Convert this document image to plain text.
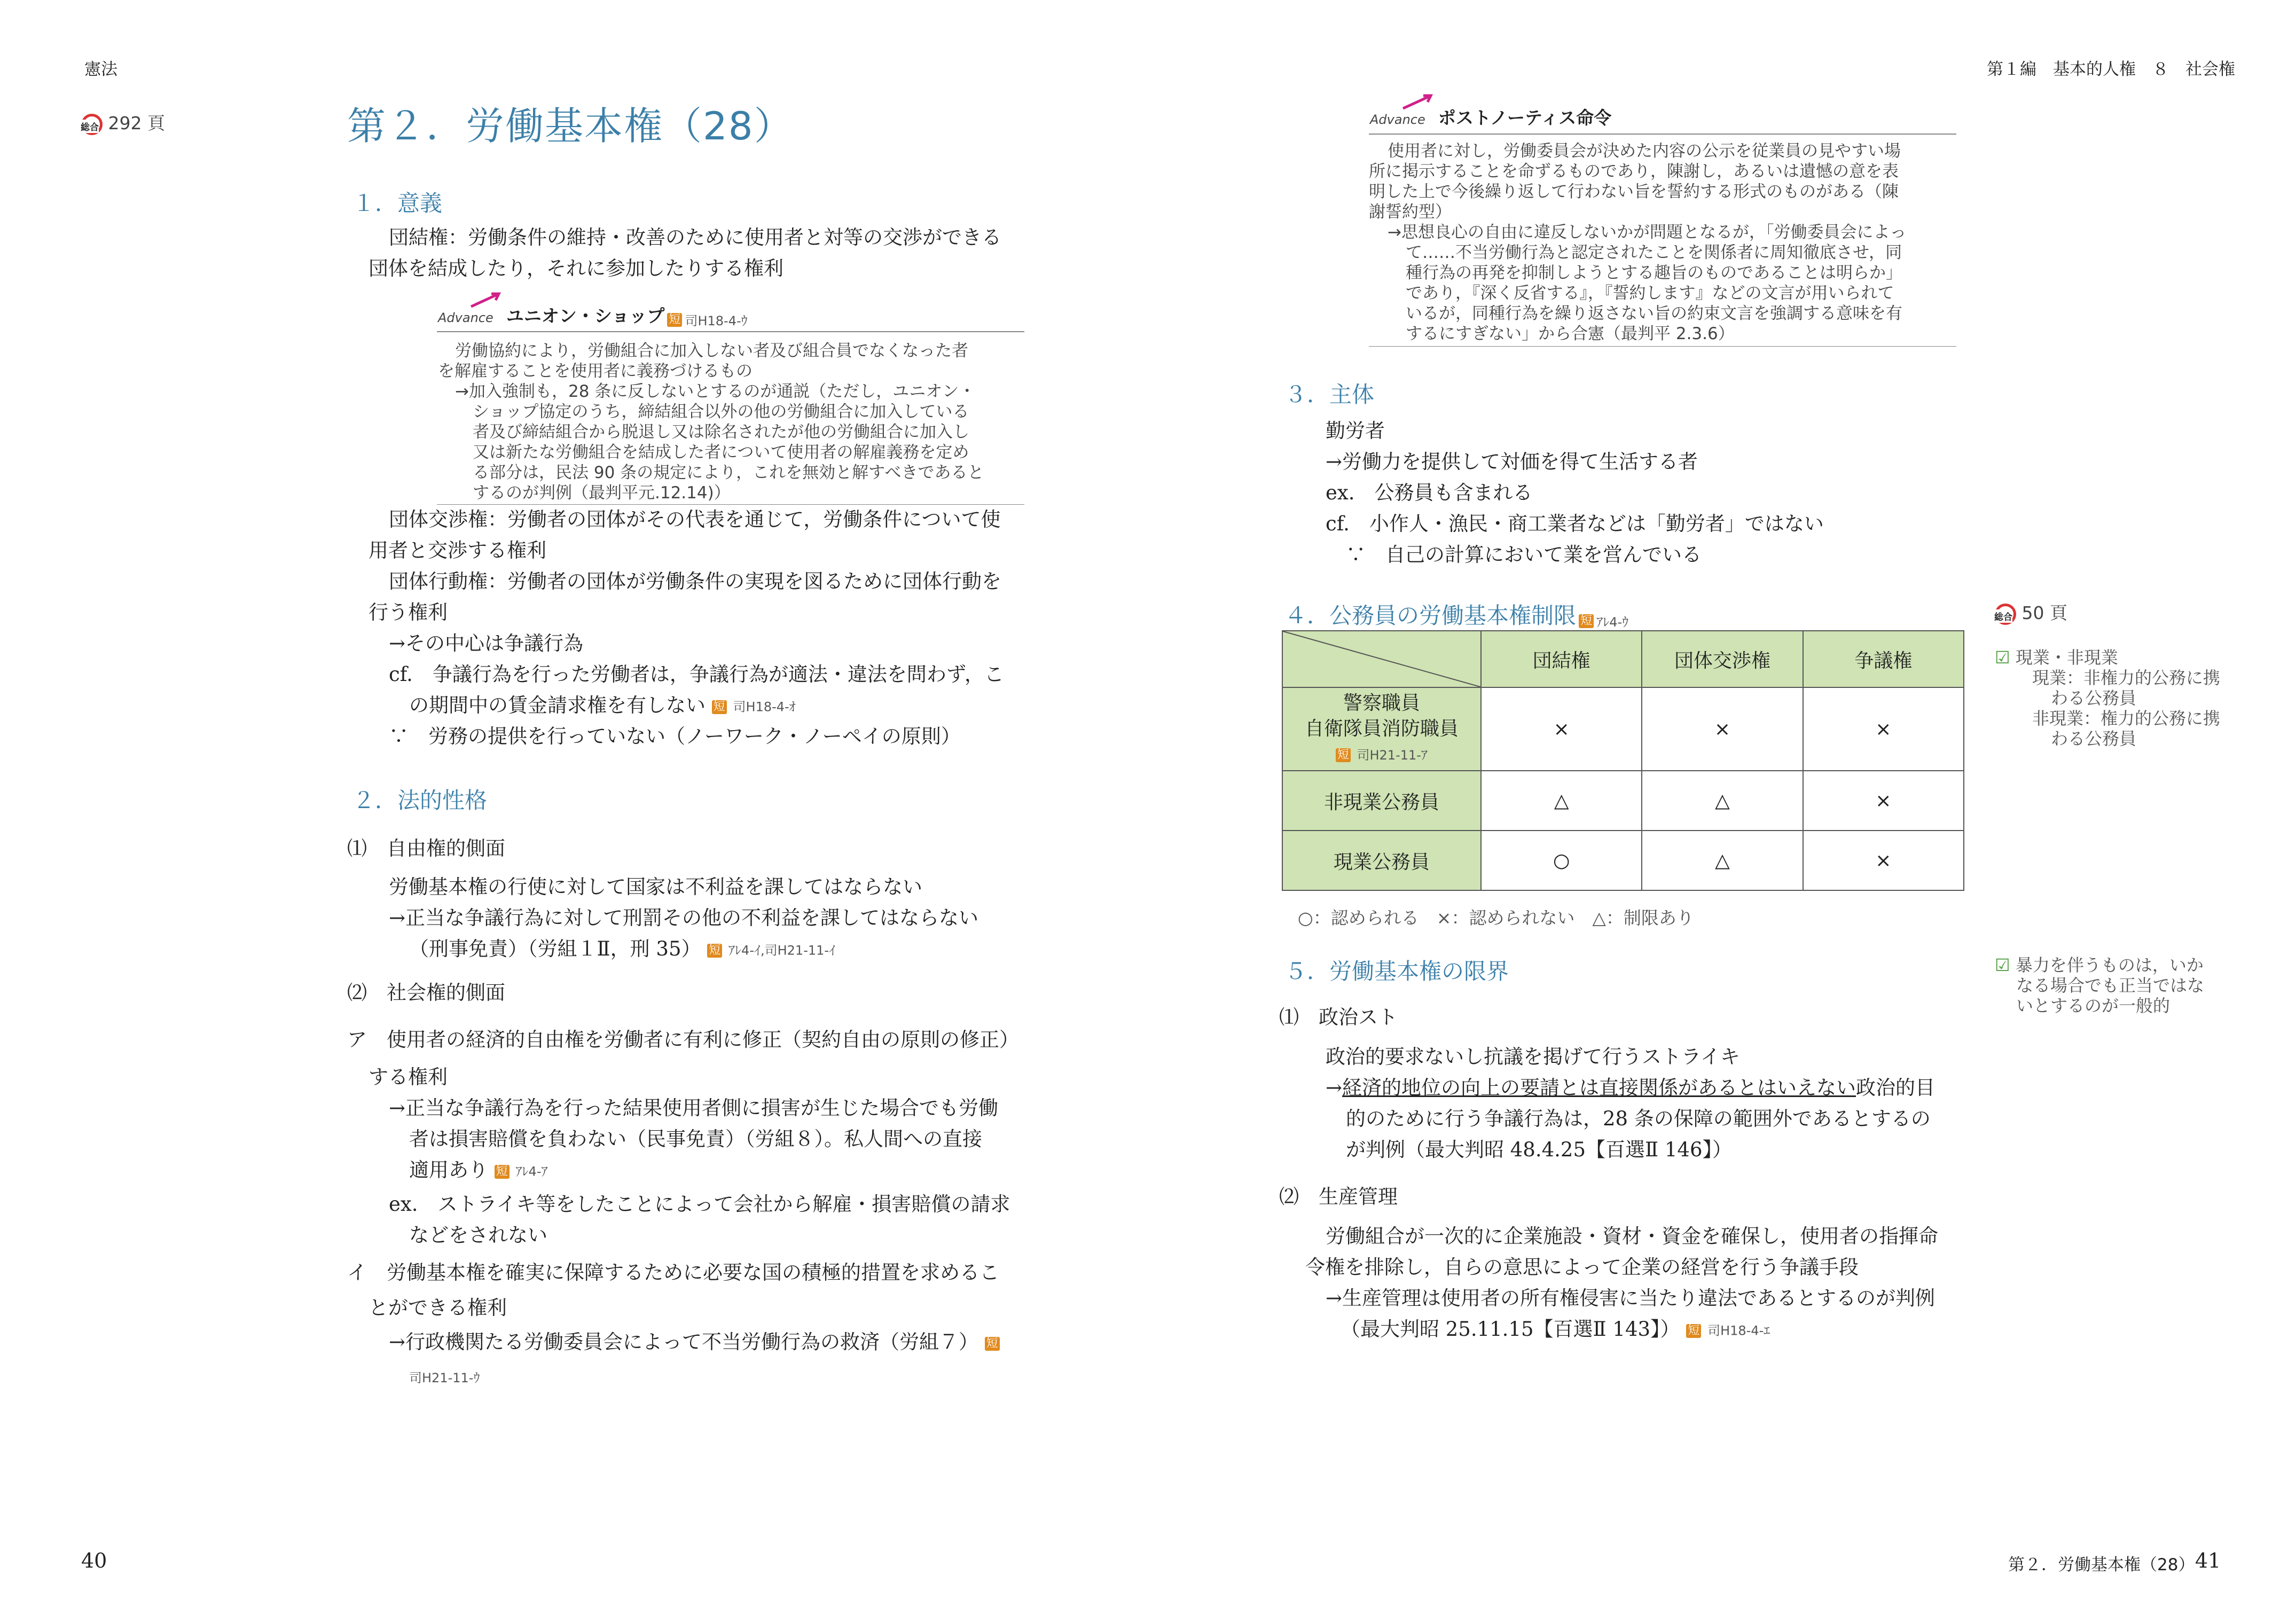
憲法	第１編　基本的人権　８　社会権
総合 292 頁	第２．労働基本権（28）
１．意義
団結権：労働条件の維持・改善のために使用者と対等の交渉ができる
団体を結成したり，それに参加したりする権利
Advance ユニオン・ショップ 短 司H18-4-ｳ
労働協約により，労働組合に加入しない者及び組合員でなくなった者
を解雇することを使用者に義務づけるもの
→加入強制も，28 条に反しないとするのが通説（ただし，ユニオン・
ショップ協定のうち，締結組合以外の他の労働組合に加入している
者及び締結組合から脱退し又は除名されたが他の労働組合に加入し
又は新たな労働組合を結成した者について使用者の解雇義務を定め
る部分は，民法 90 条の規定により，これを無効と解すべきであると
するのが判例（最判平元.12.14)）
団体交渉権：労働者の団体がその代表を通じて，労働条件について使
用者と交渉する権利
団体行動権：労働者の団体が労働条件の実現を図るために団体行動を
行う権利
→その中心は争議行為
cf.　争議行為を行った労働者は，争議行為が適法・違法を問わず，こ
の期間中の賃金請求権を有しない 短 司H18-4-ｵ
∵　労務の提供を行っていない（ノーワーク・ノーペイの原則）
２．法的性格
⑴　自由権的側面
労働基本権の行使に対して国家は不利益を課してはならない
→正当な争議行為に対して刑罰その他の不利益を課してはならない
（刑事免責）（労組１Ⅱ，刑 35） 短 ｱﾚ4-ｲ,司H21-11-ｲ
⑵　社会権的側面
ア　使用者の経済的自由権を労働者に有利に修正（契約自由の原則の修正）
する権利
→正当な争議行為を行った結果使用者側に損害が生じた場合でも労働
者は損害賠償を負わない（民事免責）（労組８）。私人間への直接
適用あり 短 ｱﾚ4-ｱ
ex.　ストライキ等をしたことによって会社から解雇・損害賠償の請求
などをされない
イ　労働基本権を確実に保障するために必要な国の積極的措置を求めるこ
とができる権利
→行政機関たる労働委員会によって不当労働行為の救済（労組７） 短
司H21-11-ｳ
40	第２．労働基本権（28） 41
Advance ポストノーティス命令
使用者に対し，労働委員会が決めた内容の公示を従業員の見やすい場
所に掲示することを命ずるものであり，陳謝し，あるいは遺憾の意を表
明した上で今後繰り返して行わない旨を誓約する形式のものがある（陳
謝誓約型）
→思想良心の自由に違反しないかが問題となるが，「労働委員会によっ
て……不当労働行為と認定されたことを関係者に周知徹底させ，同
種行為の再発を抑制しようとする趣旨のものであることは明らか」
であり，『深く反省する』，『誓約します』などの文言が用いられて
いるが，同種行為を繰り返さない旨の約束文言を強調する意味を有
するにすぎない」から合憲（最判平 2.3.6）
３．主体
勤労者
→労働力を提供して対価を得て生活する者
ex.　公務員も含まれる
cf.　小作人・漁民・商工業者などは「勤労者」ではない
∵　自己の計算において業を営んでいる
４．公務員の労働基本権制限 短 ｱﾚ4-ｳ	総合 50 頁
	団結権	団体交渉権	争議権

警察職員
自衛隊員消防職員
短 司H21-11-ｱ	×	×	×
非現業公務員	△	△	×
現業公務員	○	△	×
○：認められる　×：認められない　△：制限あり
☑ 現業・非現業
現業：非権力的公務に携
わる公務員
非現業：権力的公務に携
わる公務員
５．労働基本権の限界	☑ 暴力を伴うものは，いか
なる場合でも正当ではな
いとするのが一般的
⑴　政治スト
政治的要求ないし抗議を掲げて行うストライキ
→経済的地位の向上の要請とは直接関係があるとはいえない政治的目
的のために行う争議行為は，28 条の保障の範囲外であるとするの
が判例（最大判昭 48.4.25【百選Ⅱ 146】）
⑵　生産管理
労働組合が一次的に企業施設・資材・資金を確保し，使用者の指揮命
令権を排除し，自らの意思によって企業の経営を行う争議手段
→生産管理は使用者の所有権侵害に当たり違法であるとするのが判例
（最大判昭 25.11.15【百選Ⅱ 143】） 短 司H18-4-ｴ
